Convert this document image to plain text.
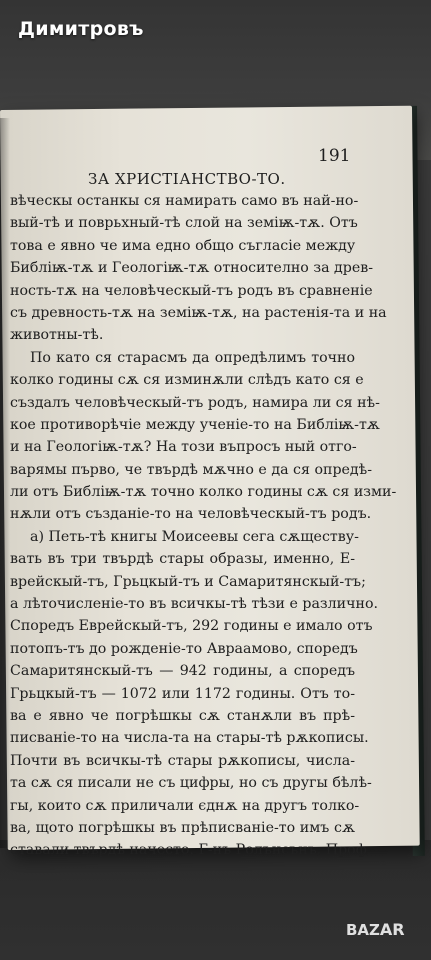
Димитровъ
191
ЗА ХРИСТІАНСТВО-ТО.
вѣческы останкы ся намирать само въ най-но-
вый-тѣ и поврьхный-тѣ слой на земіѭ-тѫ. Отъ
това е явно че има едно общо съгласіе между
Библіѭ-тѫ и Геологіѭ-тѫ относително за древ-
ность-тѫ на человѣческый-тъ родъ въ сравненіе
съ древность-тѫ на земіѭ-тѫ, на растенія-та и на
животны-тѣ.
По като ся старасмъ да опредѣлимъ точно
колко годины сѫ ся изминѫли слѣдъ като ся е
създалъ человѣческый-тъ родъ, намира ли ся нѣ-
кое противорѣчіе между ученіе-то на Библіѭ-тѫ
и на Геологіѭ-тѫ? На този въпросъ ный отго-
варямы първо, че твърдѣ мѫчно е да ся опредѣ-
ли отъ Библіѭ-тѫ точно колко годины сѫ ся изми-
нѫли отъ създаніе-то на человѣческый-тъ родъ.
а) Петь-тѣ книгы Моисеевы сега сѫществу-
вать въ три твърдѣ стары образы, именно, Е-
врейскый-тъ, Грьцкый-тъ и Самаритянскый-тъ;
а лѣточисленіе-то въ всичкы-тѣ тѣзи е различно.
Споредъ Еврейскый-тъ, 292 годины е имало отъ
потопъ-тъ до рожденіе-то Авраамово, споредъ
Самаритянскый-тъ — 942 годины, а споредъ
Грьцкый-тъ — 1072 или 1172 годины. Отъ то-
ва е явно че погрѣшкы сѫ станѫли въ прѣ-
писваніе-то на числа-та на стары-тѣ рѫкописы.
Почти въ всичкы-тѣ стары рѫкописы, числа-
та сѫ ся писали не съ цифры, но съ другы бѣлѣ-
гы, които сѫ приличали єднѫ на другъ толко-
ва, щото погрѣшкы въ прѣписваніе-то имъ сѫ
ставали твърдѣ начесто. Г-нъ Ролънсънъ, Проф.
BAZAR
